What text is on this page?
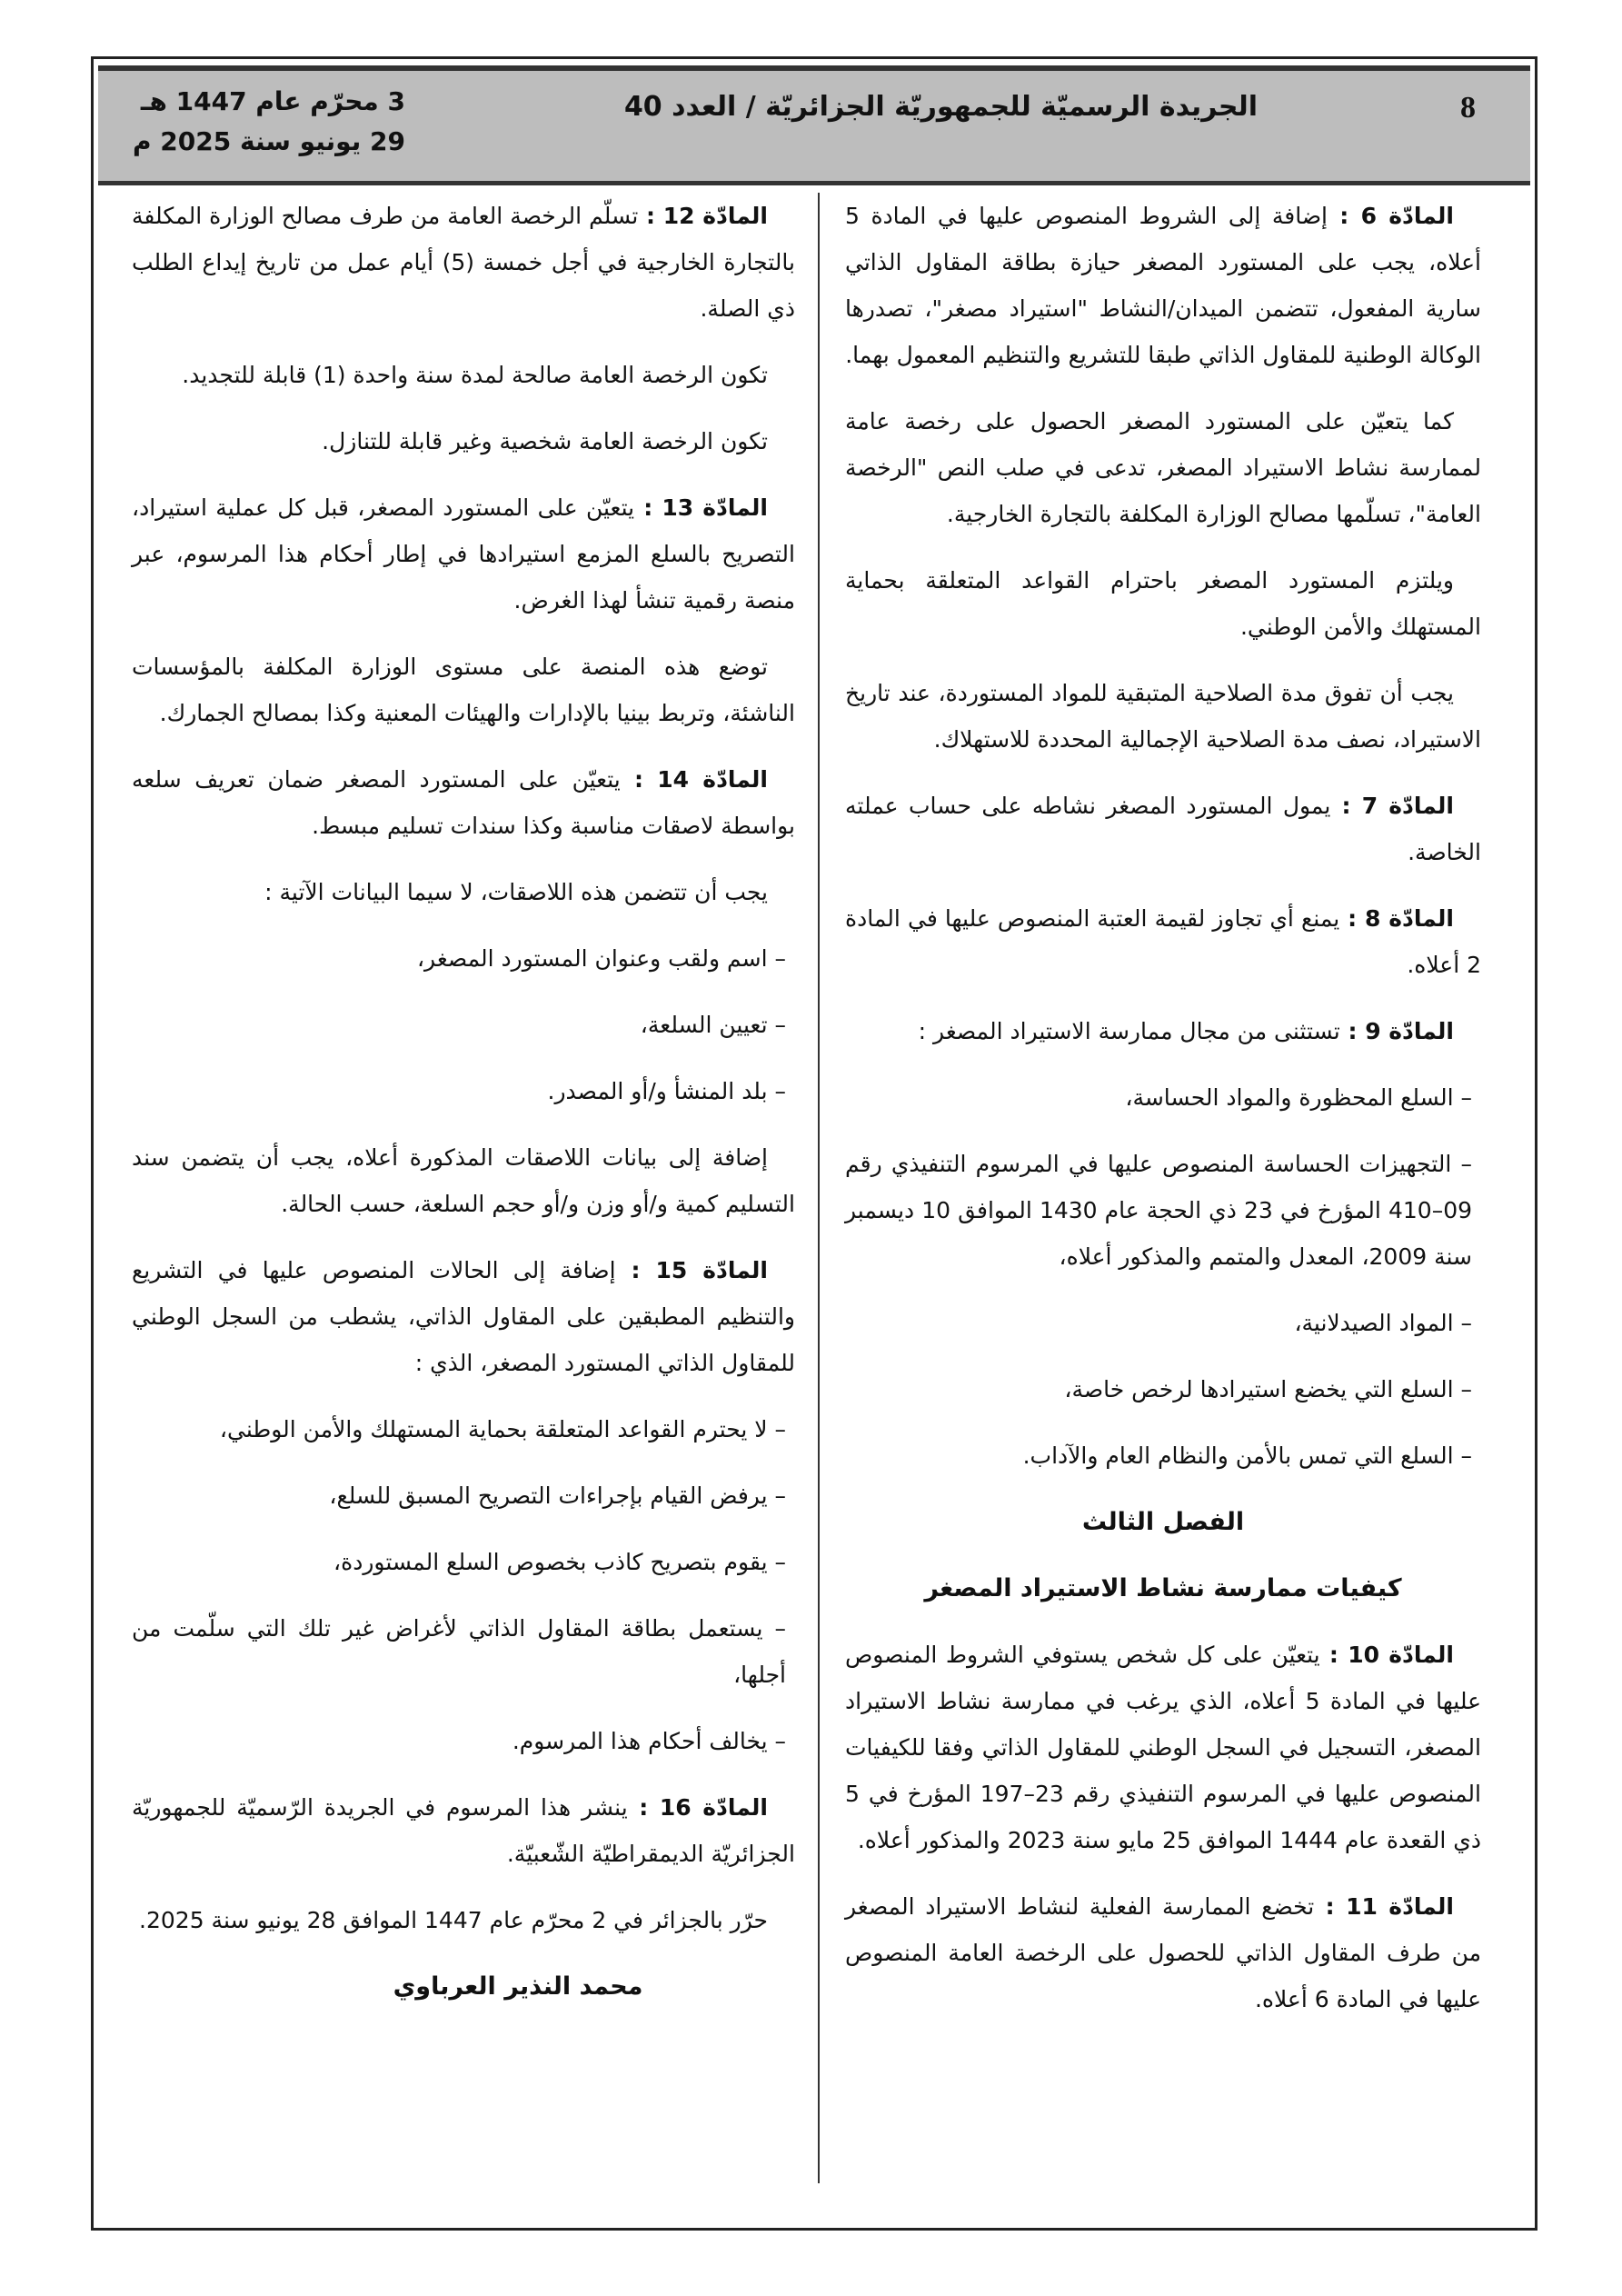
8
الجريدة الرسميّة للجمهوريّة الجزائريّة / العدد 40
3 محرّم عام 1447 هـ
29 يونيو سنة 2025 م

المادّة 6 : إضافة إلى الشروط المنصوص عليها في المادة 5 أعلاه، يجب على المستورد المصغر حيازة بطاقة المقاول الذاتي سارية المفعول، تتضمن الميدان/النشاط "استيراد مصغر"، تصدرها الوكالة الوطنية للمقاول الذاتي طبقا للتشريع والتنظيم المعمول بهما.

كما يتعيّن على المستورد المصغر الحصول على رخصة عامة لممارسة نشاط الاستيراد المصغر، تدعى في صلب النص "الرخصة العامة"، تسلّمها مصالح الوزارة المكلفة بالتجارة الخارجية.

ويلتزم المستورد المصغر باحترام القواعد المتعلقة بحماية المستهلك والأمن الوطني.

يجب أن تفوق مدة الصلاحية المتبقية للمواد المستوردة، عند تاريخ الاستيراد، نصف مدة الصلاحية الإجمالية المحددة للاستهلاك.

المادّة 7 : يمول المستورد المصغر نشاطه على حساب عملته الخاصة.

المادّة 8 : يمنع أي تجاوز لقيمة العتبة المنصوص عليها في المادة 2 أعلاه.

المادّة 9 : تستثنى من مجال ممارسة الاستيراد المصغر :

– السلع المحظورة والمواد الحساسة،

– التجهيزات الحساسة المنصوص عليها في المرسوم التنفيذي رقم 09–410 المؤرخ في 23 ذي الحجة عام 1430 الموافق 10 ديسمبر سنة 2009، المعدل والمتمم والمذكور أعلاه،

– المواد الصيدلانية،

– السلع التي يخضع استيرادها لرخص خاصة،

– السلع التي تمس بالأمن والنظام العام والآداب.

الفصل الثالث
كيفيات ممارسة نشاط الاستيراد المصغر

المادّة 10 : يتعيّن على كل شخص يستوفي الشروط المنصوص عليها في المادة 5 أعلاه، الذي يرغب في ممارسة نشاط الاستيراد المصغر، التسجيل في السجل الوطني للمقاول الذاتي وفقا للكيفيات المنصوص عليها في المرسوم التنفيذي رقم 23–197 المؤرخ في 5 ذي القعدة عام 1444 الموافق 25 مايو سنة 2023 والمذكور أعلاه.

المادّة 11 : تخضع الممارسة الفعلية لنشاط الاستيراد المصغر من طرف المقاول الذاتي للحصول على الرخصة العامة المنصوص عليها في المادة 6 أعلاه.

المادّة 12 : تسلّم الرخصة العامة من طرف مصالح الوزارة المكلفة بالتجارة الخارجية في أجل خمسة (5) أيام عمل من تاريخ إيداع الطلب ذي الصلة.

تكون الرخصة العامة صالحة لمدة سنة واحدة (1) قابلة للتجديد.

تكون الرخصة العامة شخصية وغير قابلة للتنازل.

المادّة 13 : يتعيّن على المستورد المصغر، قبل كل عملية استيراد، التصريح بالسلع المزمع استيرادها في إطار أحكام هذا المرسوم، عبر منصة رقمية تنشأ لهذا الغرض.

توضع هذه المنصة على مستوى الوزارة المكلفة بالمؤسسات الناشئة، وتربط بينيا بالإدارات والهيئات المعنية وكذا بمصالح الجمارك.

المادّة 14 : يتعيّن على المستورد المصغر ضمان تعريف سلعه بواسطة لاصقات مناسبة وكذا سندات تسليم مبسط.

يجب أن تتضمن هذه اللاصقات، لا سيما البيانات الآتية :

– اسم ولقب وعنوان المستورد المصغر،

– تعيين السلعة،

– بلد المنشأ و/أو المصدر.

إضافة إلى بيانات اللاصقات المذكورة أعلاه، يجب أن يتضمن سند التسليم كمية و/أو وزن و/أو حجم السلعة، حسب الحالة.

المادّة 15 : إضافة إلى الحالات المنصوص عليها في التشريع والتنظيم المطبقين على المقاول الذاتي، يشطب من السجل الوطني للمقاول الذاتي المستورد المصغر، الذي :

– لا يحترم القواعد المتعلقة بحماية المستهلك والأمن الوطني،

– يرفض القيام بإجراءات التصريح المسبق للسلع،

– يقوم بتصريح كاذب بخصوص السلع المستوردة،

– يستعمل بطاقة المقاول الذاتي لأغراض غير تلك التي سلّمت من أجلها،

– يخالف أحكام هذا المرسوم.

المادّة 16 : ينشر هذا المرسوم في الجريدة الرّسميّة للجمهوريّة الجزائريّة الديمقراطيّة الشّعبيّة.

حرّر بالجزائر في 2 محرّم عام 1447 الموافق 28 يونيو سنة 2025.

محمد النذير العرباوي
